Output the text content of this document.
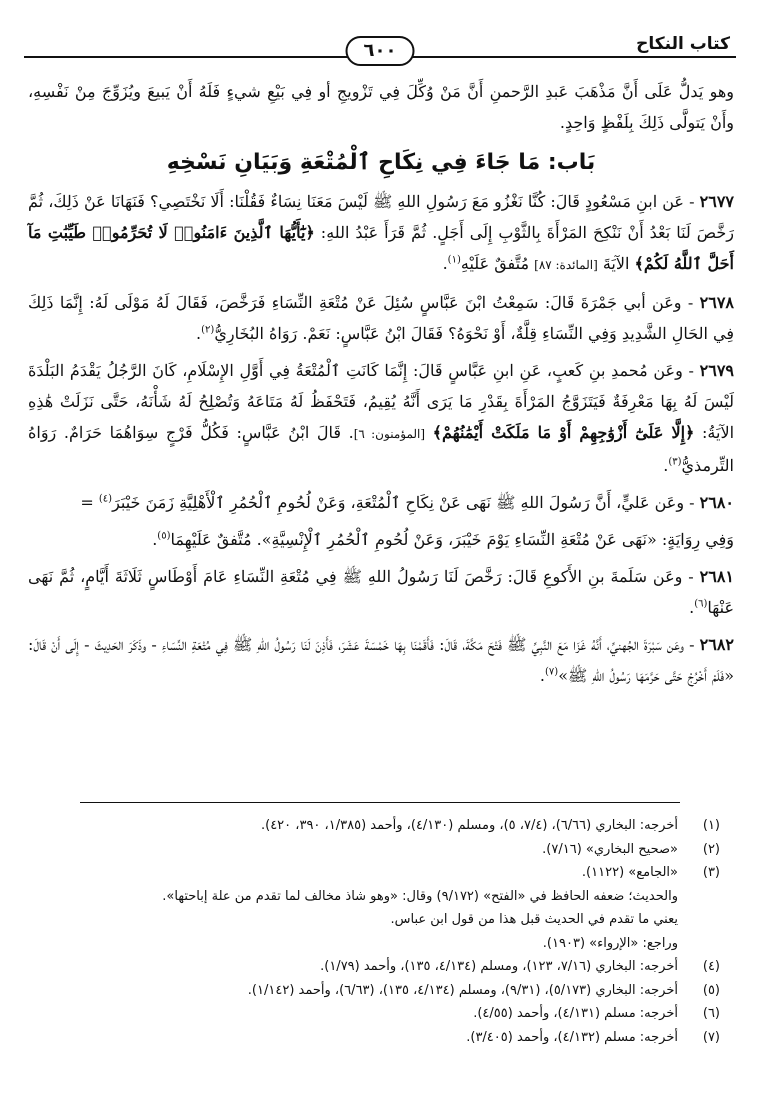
كتاب النكاح
٦٠٠

وهو يَدلُّ عَلَى أَنَّ مَذْهَبَ عَبدِ الرَّحمنِ أَنَّ مَنْ وُكِّلَ فِي تَزْويجِ أو فِي بَيْعِ شيءٍ فَلَهُ أَنْ يَبيعَ ويُزَوِّجَ مِنْ نَفْسِهِ، وأَنْ يَتولَّى ذَلِكَ بِلَفْظٍ وَاحِدٍ.

بَاب: مَا جَاءَ فِي نِكَاحِ ٱلْمُتْعَةِ وَبَيَانِ نَسْخِهِ

٢٦٧٧ - عَن ابنِ مَسْعُودٍ قَالَ: كُنَّا نَغْزُو مَعَ رَسُولِ اللهِ ﷺ لَيْسَ مَعَنَا نِسَاءٌ فَقُلْنَا: أَلَا نَخْتَصِي؟ فَنَهَانَا عَنْ ذَلِكَ، ثُمَّ رَخَّصَ لَنَا بَعْدُ أَنْ نَنْكِحَ المَرْأَةَ بِالثَّوْبِ إِلَى أَجَلٍ. ثُمَّ قَرَأَ عَبْدُ اللهِ: ﴿يَٰٓأَيُّهَا ٱلَّذِينَ ءَامَنُوا۟ لَا تُحَرِّمُوا۟ طَيِّبَٰتِ مَآ أَحَلَّ ٱللَّهُ لَكُمْ﴾ الآيَةَ [المائدة: ٨٧] مُتَّفقٌ عَلَيْهِ$^{(١)}$.

٢٦٧٨ - وعَن أبي جَمْرَةَ قَالَ: سَمِعْتُ ابْنَ عَبَّاسٍ سُئِلَ عَنْ مُتْعَةِ النِّسَاءِ فَرَخَّصَ، فَقَالَ لَهُ مَوْلَى لَهُ: إِنَّمَا ذَلِكَ فِي الحَالِ الشَّدِيدِ وَفِي النِّسَاءِ قِلَّةٌ، أَوْ نَحْوَهُ؟ فَقَالَ ابْنُ عَبَّاسٍ: نَعَمْ. رَوَاهُ البُخَارِيُّ$^{(٢)}$.

٢٦٧٩ - وعَن مُحمدِ بنِ كَعبٍ، عَنِ ابنِ عَبَّاسٍ قَالَ: إِنَّمَا كَانَتِ ٱلْمُتْعَةُ فِي أَوَّلِ الإِسْلَامِ، كَانَ الرَّجُلُ يَقْدَمُ البَلْدَةَ لَيْسَ لَهُ بِهَا مَعْرِفَةٌ فَيَتَزَوَّجُ المَرْأَةَ بِقَدْرِ مَا يَرَى أَنَّهُ يُقِيمُ، فَتَحْفَظُ لَهُ مَتَاعَهُ وَتُصْلِحُ لَهُ شَأْنَهُ، حَتَّى نَزَلَتْ هَٰذِهِ الآيَةُ: ﴿إِلَّا عَلَىٰٓ أَزْوَٰجِهِمْ أَوْ مَا مَلَكَتْ أَيْمَٰنُهُمْ﴾ [المؤمنون: ٦]. قَالَ ابْنُ عَبَّاسٍ: فَكُلُّ فَرْجٍ سِوَاهُمَا حَرَامٌ. رَوَاهُ التِّرمذيُّ$^{(٣)}$.

٢٦٨٠ - وعَن عَليٍّ، أَنَّ رَسُولَ اللهِ ﷺ نَهَى عَنْ نِكَاحِ ٱلْمُتْعَةِ، وَعَنْ لُحُومِ ٱلْحُمُرِ ٱلْأَهْلِيَّةِ زَمَنَ خَيْبَرَ$^{(٤)}$ =

وَفِي رِوَايَةٍ: «نَهَى عَنْ مُتْعَةِ النِّسَاءِ يَوْمَ خَيْبَرَ، وَعَنْ لُحُومِ ٱلْحُمُرِ ٱلْإِنْسِيَّةِ». مُتَّفقٌ عَلَيْهِمَا$^{(٥)}$.

٢٦٨١ - وعَن سَلَمةَ بنِ الأَكوعِ قَالَ: رَخَّصَ لَنَا رَسُولُ اللهِ ﷺ فِي مُتْعَةِ النِّسَاءِ عَامَ أَوْطَاسٍ ثَلَاثَةَ أَيَّامٍ، ثُمَّ نَهَى عَنْهَا$^{(٦)}$.

٢٦٨٢ - وعَن سَبْرَةَ الجُهنيِّ، أَنَّهُ غَزَا مَعَ النَّبِيِّ ﷺ فَتْحَ مَكَّةَ، قَالَ: فَأَقَمْنَا بِهَا خَمْسَةَ عَشَرَ، فَأَذِنَ لَنَا رَسُولُ اللهِ ﷺ فِي مُتْعَةِ النِّسَاءِ - وذَكَرَ الحَدِيثَ - إِلَى أَنْ قَالَ: «فَلَمْ أَخْرُجْ حَتَّى حَرَّمَهَا رَسُولُ اللهِ ﷺ»$^{(٧)}$.

(١)
أخرجه: البخاري (٦/٦٦)، (٧/٤، ٥)، ومسلم (٤/١٣٠)، وأحمد (١/٣٨٥، ٣٩٠، ٤٢٠).
(٢)
«صحيح البخاري» (٧/١٦).
(٣)
«الجامع» (١١٢٢).
والحديث؛ ضعفه الحافظ في «الفتح» (٩/١٧٢) وقال: «وهو شاذ مخالف لما تقدم من علة إباحتها».
يعني ما تقدم في الحديث قبل هذا من قول ابن عباس.
وراجع: «الإرواء» (١٩٠٣).
(٤)
أخرجه: البخاري (٧/١٦، ١٢٣)، ومسلم (٤/١٣٤، ١٣٥)، وأحمد (١/٧٩).
(٥)
أخرجه: البخاري (٥/١٧٣)، (٩/٣١)، ومسلم (٤/١٣٤، ١٣٥)، (٦/٦٣)، وأحمد (١/١٤٢).
(٦)
أخرجه: مسلم (٤/١٣١)، وأحمد (٤/٥٥).
(٧)
أخرجه: مسلم (٤/١٣٢)، وأحمد (٣/٤٠٥).
